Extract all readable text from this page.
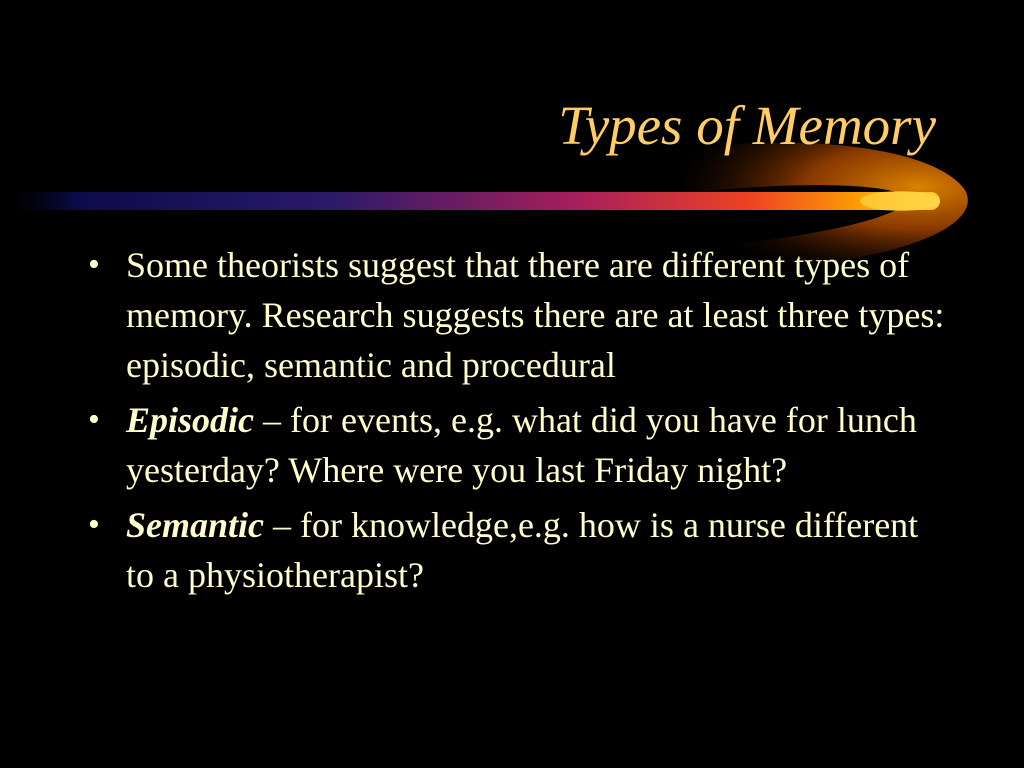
Types of Memory
• Some theorists suggest that there are different types of memory. Research suggests there are at least three types: episodic, semantic and procedural
• Episodic – for events, e.g. what did you have for lunch yesterday? Where were you last Friday night?
• Semantic – for knowledge,e.g. how is a nurse different to a physiotherapist?
